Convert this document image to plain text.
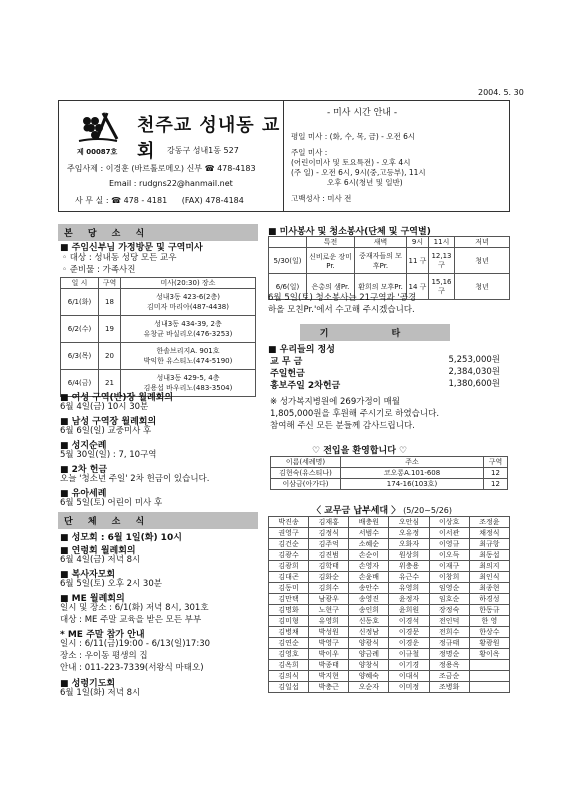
2004. 5. 30
천주교 성내동 교회
제 00087호	강동구 성내1동 527
주임사제 : 이경훈 (바르톨로메오) 신부 ☎ 478-4183
Email : rudgns22@hanmail.net
사 무 실 : ☎ 478 - 4181 (FAX) 478-4184
- 미사 시간 안내 -
평일 미사 : (화, 수, 목, 금) - 오전 6시
주일 미사 :
(어린이미사 및 토요특전) - 오후 4시
(주 일) - 오전 6시, 9시(중,고등부), 11시
오후 6시(청년 및 일반)
고백성사 : 미사 전
본 당 소 식
■ 주임신부님 가정방문 및 구역미사
◦ 대상 : 성내동 성당 모든 교우
◦ 준비물 : 가족사진
일 시	구역	미사(20:30) 장소
6/1(화)	18	성내3동 423-6(2층)
김미자 마리아(487-4438)

6/2(수)	19	성내3동 434-39, 2층
유창균 바실리오(476-3253)

6/3(목)	20	한솔브리지A. 901호
박익한 유스티노(474-5190)

6/4(금)	21	성내3동 429-5, 4층
김용섭 바우리노(483-3504)
■ 여성 구역(반)장 월례회의
6월 4일(금) 10시 30분
■ 남성 구역장 월례회의
6월 6일(일) 교중미사 후
■ 성지순례
5월 30일(일) : 7, 10구역
■ 2차 헌금
오늘 '청소년 주일' 2차 헌금이 있습니다.
■ 유아세례
6월 5일(토) 어린이 미사 후
단 체 소 식
■ 성모회 : 6월 1일(화) 10시
■ 연령회 월례회의
6월 4일(금) 저녁 8시
■ 복사자모회
6월 5일(토) 오후 2시 30분
■ ME 월례회의
일시 및 장소 : 6/1(화) 저녁 8시, 301호
대상 : ME 주말 교육을 받은 모든 부부
* ME 주말 참가 안내
일시 : 6/11(금)19:00 - 6/13(일)17:30
장소 : 우이동 평생의 집
안내 : 011-223-7339(서왕식 마태오)
■ 성령기도회
6월 1일(화) 저녁 8시
■ 미사봉사 및 청소봉사(단체 및 구역별)
	특전	새벽	9시	11시	저녁
5/30(일)	신비로운 장미Pr.	중재자들의 모후Pr.	11 구	12,13 구	청년
6/6(일)	은총의 샘Pr.	환희의 모후Pr.	14 구	15,16 구	청년
6월 5일(토) 청소봉사는 21구역과 '공경
하올 모친Pr.'에서 수고해 주시겠습니다.
기 타
■ 우리들의 정성
교 무 금	5,253,000원
주일헌금	2,384,030원
홍보주일 2차헌금	1,380,600원
※ 성가복지병원에 269가정이 매월
1,805,000원을 후원해 주시기로 하였습니다.
참여해 주신 모든 분들께 감사드립니다.
♡ 전입을 환영합니다 ♡
이름(세례명)	주소	구역
김현숙(유스티나)	코오롱A.101-608	12
이삼금(아가다)	174-16(103호)	12
〈 교무금 납부세대 〉 (5/20~5/26)
박진송	김재홍	배충원	오안심	이상호	조정윤
권영구	김정식	서범수	오유정	이서관	채정식
김건순	김주억	소혜순	오화자	이영규	최규항
김광수	김진범	손순이	원상희	이오득	최동섭
김광희	김학태	손영자	위충용	이재구	최의지
김대곤	김화순	손윤배	유근수	이창희	최인식
김동미	김희수	송안수	유영희	임영순	최종현
김만택	남광우	송영진	윤정자	임호순	하경성
김명화	노현구	송인희	윤희원	장정숙	한동규
김미형	유영희	신동호	이경석	전인덕	한 영
김병채	박성원	신정남	이경문	전희수	한상수
김연순	박영구	양광식	이경운	정규태	황광원
김영호	박이우	양금례	이규철	정명순	황이옥
김옥희	박종태	양창식	이기경	정용옥	
김의식	박지현	양혜숙	이대식	조금순	
김일섭	박충근	오순자	이미정	조병화	
